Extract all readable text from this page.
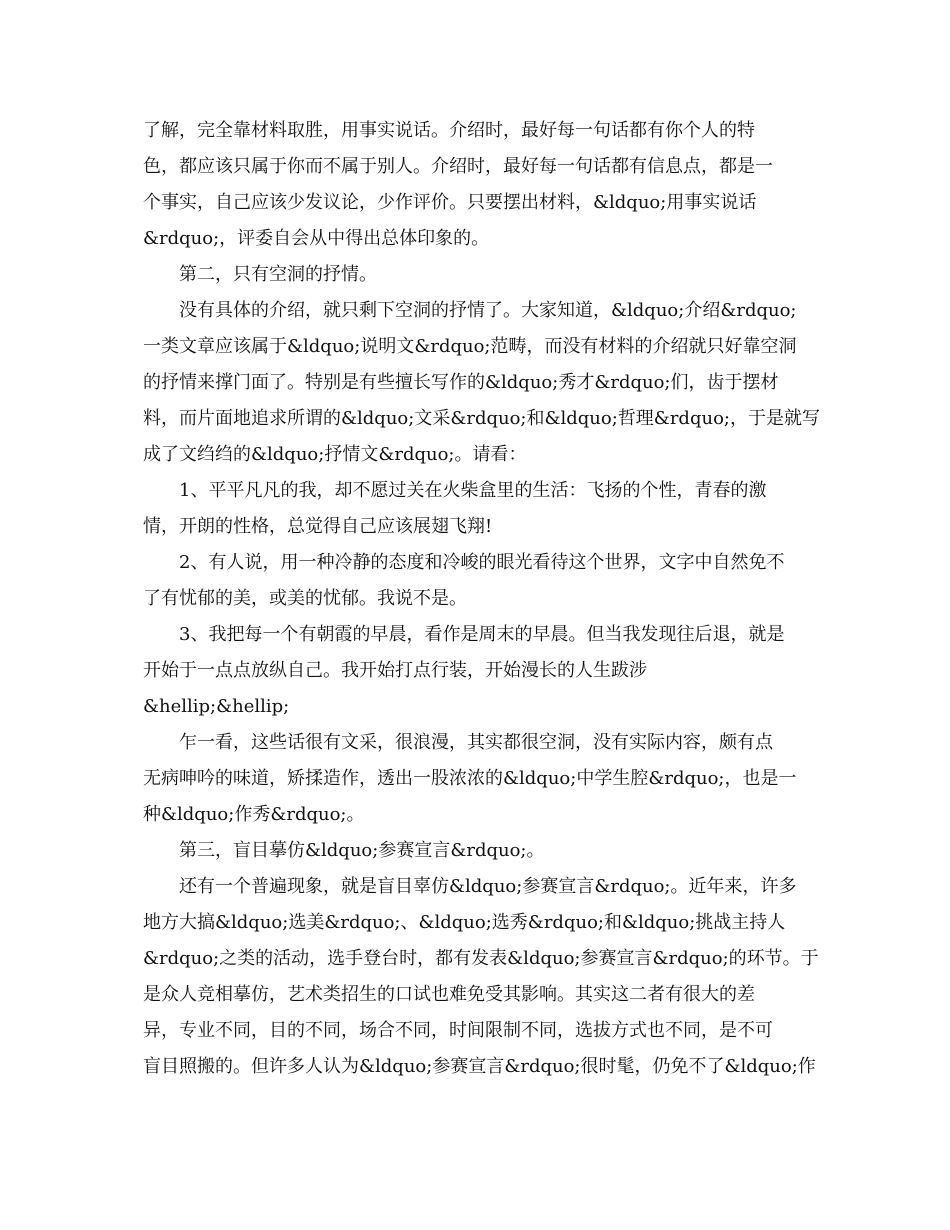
了解，完全靠材料取胜，用事实说话。介绍时，最好每一句话都有你个人的特

色，都应该只属于你而不属于别人。介绍时，最好每一句话都有信息点，都是一

个事实，自己应该少发议论，少作评价。只要摆出材料，&ldquo;用事实说话

&rdquo;，评委自会从中得出总体印象的。

第二，只有空洞的抒情。

没有具体的介绍，就只剩下空洞的抒情了。大家知道，&ldquo;介绍&rdquo;

一类文章应该属于&ldquo;说明文&rdquo;范畴，而没有材料的介绍就只好靠空洞

的抒情来撑门面了。特别是有些擅长写作的&ldquo;秀才&rdquo;们，齿于摆材

料，而片面地追求所谓的&ldquo;文采&rdquo;和&ldquo;哲理&rdquo;，于是就写

成了文绉绉的&ldquo;抒情文&rdquo;。请看：

1、平平凡凡的我，却不愿过关在火柴盒里的生活：飞扬的个性，青春的激

情，开朗的性格，总觉得自己应该展翅飞翔!

2、有人说，用一种冷静的态度和冷峻的眼光看待这个世界，文字中自然免不

了有忧郁的美，或美的忧郁。我说不是。

3、我把每一个有朝霞的早晨，看作是周末的早晨。但当我发现往后退，就是

开始于一点点放纵自己。我开始打点行装，开始漫长的人生跋涉

&hellip;&hellip;

乍一看，这些话很有文采，很浪漫，其实都很空洞，没有实际内容，颇有点

无病呻吟的味道，矫揉造作，透出一股浓浓的&ldquo;中学生腔&rdquo;，也是一

种&ldquo;作秀&rdquo;。

第三，盲目摹仿&ldquo;参赛宣言&rdquo;。

还有一个普遍现象，就是盲目辜仿&ldquo;参赛宣言&rdquo;。近年来，许多

地方大搞&ldquo;选美&rdquo;、&ldquo;选秀&rdquo;和&ldquo;挑战主持人

&rdquo;之类的活动，选手登台时，都有发表&ldquo;参赛宣言&rdquo;的环节。于

是众人竞相摹仿，艺术类招生的口试也难免受其影响。其实这二者有很大的差

异，专业不同，目的不同，场合不同，时间限制不同，选拔方式也不同，是不可

盲目照搬的。但许多人认为&ldquo;参赛宣言&rdquo;很时髦，仍免不了&ldquo;作
